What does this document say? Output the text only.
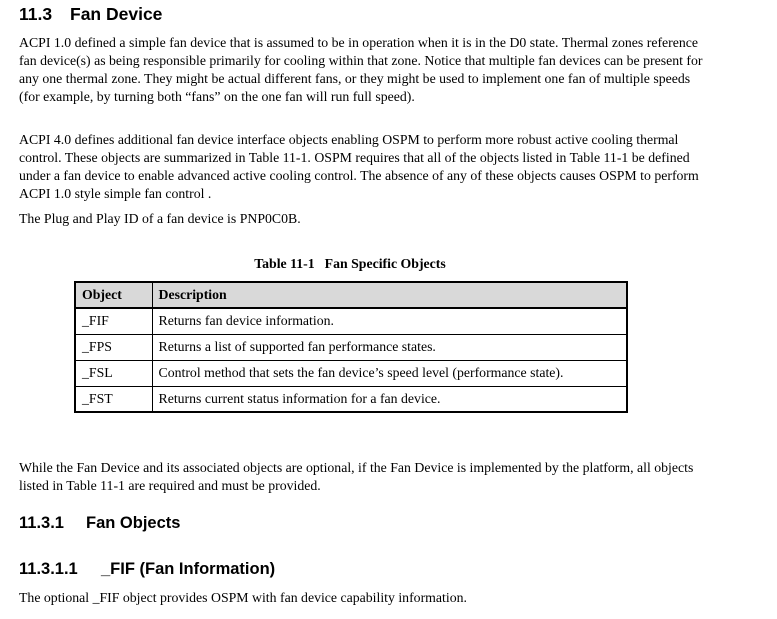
11.3 Fan Device

ACPI 1.0 defined a simple fan device that is assumed to be in operation when it is in the D0 state. Thermal zones reference fan device(s) as being responsible primarily for cooling within that zone. Notice that multiple fan devices can be present for any one thermal zone. They might be actual different fans, or they might be used to implement one fan of multiple speeds (for example, by turning both “fans” on the one fan will run full speed).

ACPI 4.0 defines additional fan device interface objects enabling OSPM to perform more robust active cooling thermal control. These objects are summarized in Table 11-1. OSPM requires that all of the objects listed in Table 11-1 be defined under a fan device to enable advanced active cooling control. The absence of any of these objects causes OSPM to perform ACPI 1.0 style simple fan control .

The Plug and Play ID of a fan device is PNP0C0B.

Table 11-1 Fan Specific Objects
Object	Description
_FIF	Returns fan device information.
_FPS	Returns a list of supported fan performance states.
_FSL	Control method that sets the fan device’s speed level (performance state).
_FST	Returns current status information for a fan device.

While the Fan Device and its associated objects are optional, if the Fan Device is implemented by the platform, all objects listed in Table 11-1 are required and must be provided.

11.3.1 Fan Objects
11.3.1.1 _FIF (Fan Information)

The optional _FIF object provides OSPM with fan device capability information.
